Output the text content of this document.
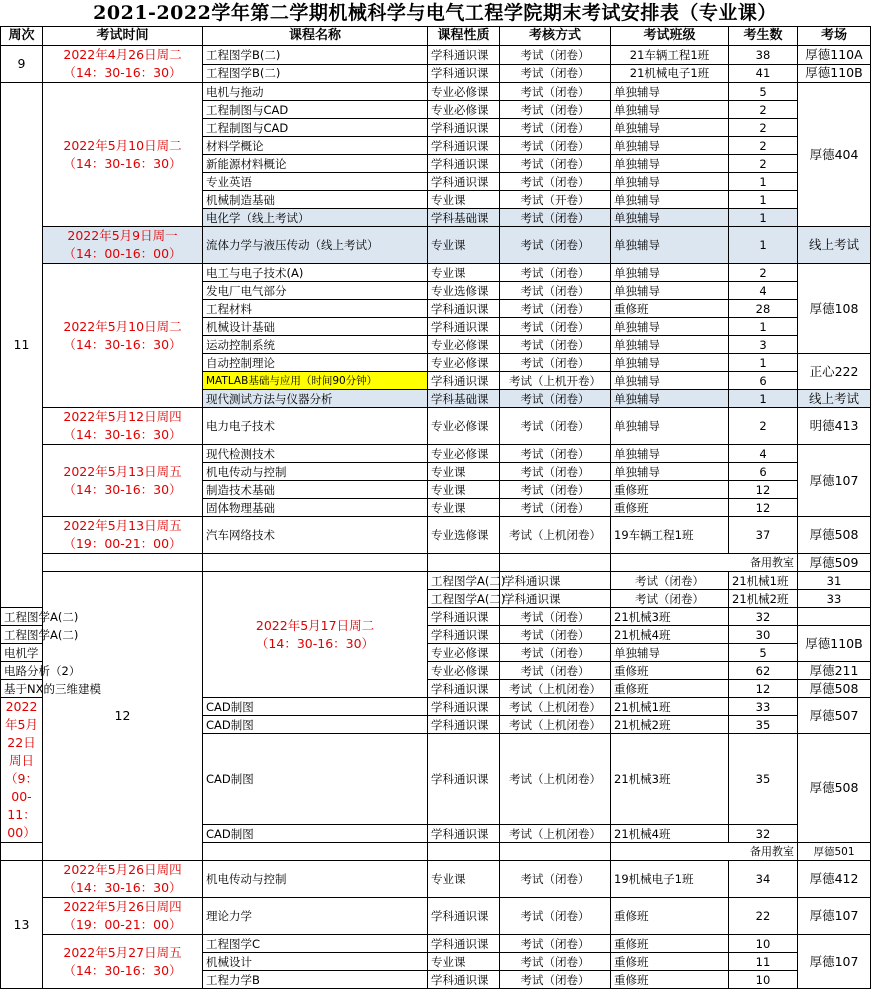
2021-2022学年第二学期机械科学与电气工程学院期末考试安排表（专业课）
周次	考试时间	课程名称	课程性质	考核方式	考试班级	考生数	考场	
9	2022年4月26日周二
（14：30-16：30）	工程图学B(二)	学科通识课	考试（闭卷）	21车辆工程1班	38	厚德110A	
		工程图学B(二)	学科通识课	考试（闭卷）	21机械电子1班	41	厚德110B	
11	2022年5月10日周二
（14：30-16：30）	电机与拖动	专业必修课	考试（闭卷）	单独辅导	5	厚德404	
		工程制图与CAD	专业必修课	考试（闭卷）	单独辅导	2		
		工程制图与CAD	学科通识课	考试（闭卷）	单独辅导	2		
		材料学概论	学科通识课	考试（闭卷）	单独辅导	2		
		新能源材料概论	学科通识课	考试（闭卷）	单独辅导	2		
		专业英语	学科通识课	考试（闭卷）	单独辅导	1		
		机械制造基础	专业课	考试（开卷）	单独辅导	1		
		电化学（线上考试）	学科基础课	考试（闭卷）	单独辅导	1		
	2022年5月9日周一
（14：00-16：00）	流体力学与液压传动（线上考试）	专业课	考试（闭卷）	单独辅导	1	线上考试	
	2022年5月10日周二
（14：30-16：30）	电工与电子技术(A)	专业课	考试（闭卷）	单独辅导	2	厚德108	
		发电厂电气部分	专业选修课	考试（闭卷）	单独辅导	4		
		工程材料	学科通识课	考试（闭卷）	重修班	28		
		机械设计基础	学科通识课	考试（闭卷）	单独辅导	1		
		运动控制系统	专业必修课	考试（闭卷）	单独辅导	3		
		自动控制理论	专业必修课	考试（闭卷）	单独辅导	1	正心222	
		MATLAB基础与应用（时间90分钟）	学科通识课	考试（上机开卷）	单独辅导	6		
		现代测试方法与仪器分析	学科基础课	考试（闭卷）	单独辅导	1	线上考试	
	2022年5月12日周四
（14：30-16：30）	电力电子技术	专业必修课	考试（闭卷）	单独辅导	2	明德413	
	2022年5月13日周五
（14：30-16：30）	现代检测技术	专业必修课	考试（闭卷）	单独辅导	4	厚德107	
		机电传动与控制	专业课	考试（闭卷）	单独辅导	6		
		制造技术基础	专业课	考试（闭卷）	重修班	12		
		固体物理基础	专业课	考试（闭卷）	重修班	12		
	2022年5月13日周五
（19：00-21：00）	汽车网络技术	专业选修课	考试（上机闭卷）	19车辆工程1班	37	厚德508	
					备用教室		厚德509	
	12	2022年5月17日周二
（14：30-16：30）	工程图学A(二)	学科通识课	考试（闭卷）	21机械1班	31	
			工程图学A(二)	学科通识课	考试（闭卷）	21机械2班	33	
工程图学A(二)			学科通识课	考试（闭卷）	21机械3班	32		
工程图学A(二)			学科通识课	考试（闭卷）	21机械4班	30	厚德110B	
电机学			专业必修课	考试（闭卷）	单独辅导	5		
电路分析（2）			专业必修课	考试（闭卷）	重修班	62	厚德211	
基于NX的三维建模			学科通识课	考试（上机闭卷）	重修班	12	厚德508	
2022年5月22日周日
（9：00-11：00）		CAD制图	学科通识课	考试（上机闭卷）	21机械1班	33	厚德507	
		CAD制图	学科通识课	考试（上机闭卷）	21机械2班	35		
		CAD制图	学科通识课	考试（上机闭卷）	21机械3班	35	厚德508	
		CAD制图	学科通识课	考试（上机闭卷）	21机械4班	32		
					备用教室		厚德501	
13	2022年5月26日周四
（14：30-16：30）	机电传动与控制	专业课	考试（闭卷）	19机械电子1班	34	厚德412	
	2022年5月26日周四
（19：00-21：00）	理论力学	学科通识课	考试（闭卷）	重修班	22	厚德107	
	2022年5月27日周五
（14：30-16：30）	工程图学C	学科通识课	考试（闭卷）	重修班	10	厚德107	
		机械设计	专业课	考试（闭卷）	重修班	11		
		工程力学B	学科通识课	考试（闭卷）	重修班	10		
